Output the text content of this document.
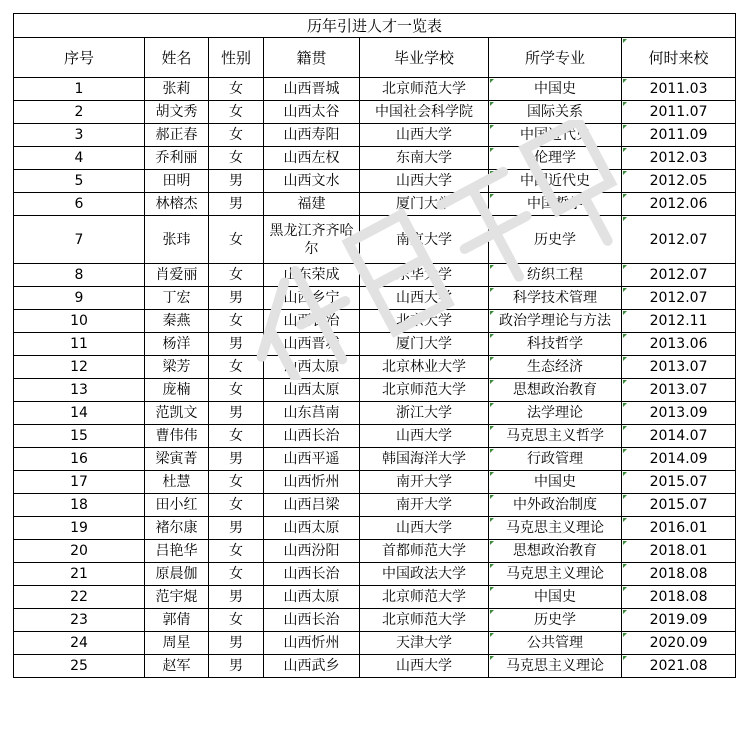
历年引进人才一览表						
序号	姓名	性别	籍贯	毕业学校	所学专业	何时来校
1	张莉	女	山西晋城	北京师范大学	中国史	2011.03
2	胡文秀	女	山西太谷	中国社会科学院	国际关系	2011.07
3	郝正春	女	山西寿阳	山西大学	中国近代史	2011.09
4	乔利丽	女	山西左权	东南大学	伦理学	2012.03
5	田明	男	山西文水	山西大学	中国近代史	2012.05
6	林榕杰	男	福建	厦门大学	中国哲学	2012.06
7	张玮	女	黑龙江齐齐哈尔	南京大学	历史学	2012.07
8	肖爱丽	女	山东荣成	东华大学	纺织工程	2012.07
9	丁宏	男	山西乡宁	山西大学	科学技术管理	2012.07
10	秦燕	女	山西长治	北京大学	政治学理论与方法	2012.11
11	杨洋	男	山西晋城	厦门大学	科技哲学	2013.06
12	梁芳	女	山西太原	北京林业大学	生态经济	2013.07
13	庞楠	女	山西太原	北京师范大学	思想政治教育	2013.07
14	范凯文	男	山东莒南	浙江大学	法学理论	2013.09
15	曹伟伟	女	山西长治	山西大学	马克思主义哲学	2014.07
16	梁寅菁	男	山西平遥	韩国海洋大学	行政管理	2014.09
17	杜慧	女	山西忻州	南开大学	中国史	2015.07
18	田小红	女	山西吕梁	南开大学	中外政治制度	2015.07
19	褚尔康	男	山西太原	山西大学	马克思主义理论	2016.01
20	吕艳华	女	山西汾阳	首都师范大学	思想政治教育	2018.01
21	原晨伽	女	山西长治	中国政法大学	马克思主义理论	2018.08
22	范宇焜	男	山西太原	北京师范大学	中国史	2018.08
23	郭倩	女	山西长治	北京师范大学	历史学	2019.09
24	周星	男	山西忻州	天津大学	公共管理	2020.09
25	赵军	男	山西武乡	山西大学	马克思主义理论	2021.08
